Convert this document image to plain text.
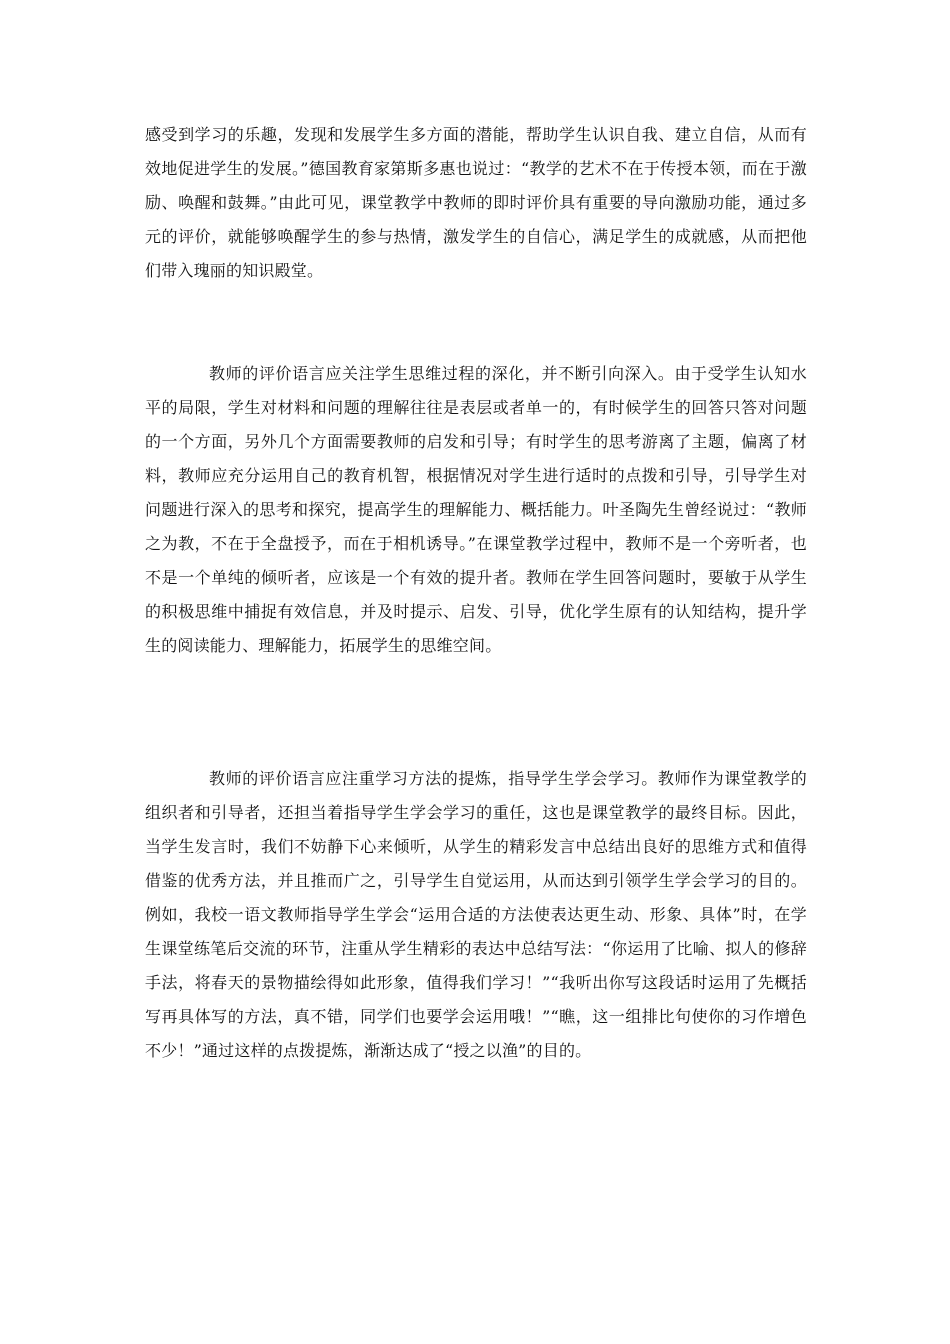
感受到学习的乐趣，发现和发展学生多方面的潜能，帮助学生认识自我、建立自信，从而有效地促进学生的发展。”德国教育家第斯多惠也说过：“教学的艺术不在于传授本领，而在于激励、唤醒和鼓舞。”由此可见，课堂教学中教师的即时评价具有重要的导向激励功能，通过多元的评价，就能够唤醒学生的参与热情，激发学生的自信心，满足学生的成就感，从而把他们带入瑰丽的知识殿堂。

教师的评价语言应关注学生思维过程的深化，并不断引向深入。由于受学生认知水平的局限，学生对材料和问题的理解往往是表层或者单一的，有时候学生的回答只答对问题的一个方面，另外几个方面需要教师的启发和引导；有时学生的思考游离了主题，偏离了材料，教师应充分运用自己的教育机智，根据情况对学生进行适时的点拨和引导，引导学生对问题进行深入的思考和探究，提高学生的理解能力、概括能力。叶圣陶先生曾经说过：“教师之为教，不在于全盘授予，而在于相机诱导。”在课堂教学过程中，教师不是一个旁听者，也不是一个单纯的倾听者，应该是一个有效的提升者。教师在学生回答问题时，要敏于从学生的积极思维中捕捉有效信息，并及时提示、启发、引导，优化学生原有的认知结构，提升学生的阅读能力、理解能力，拓展学生的思维空间。

教师的评价语言应注重学习方法的提炼，指导学生学会学习。教师作为课堂教学的组织者和引导者，还担当着指导学生学会学习的重任，这也是课堂教学的最终目标。因此，当学生发言时，我们不妨静下心来倾听，从学生的精彩发言中总结出良好的思维方式和值得借鉴的优秀方法，并且推而广之，引导学生自觉运用，从而达到引领学生学会学习的目的。例如，我校一语文教师指导学生学会“运用合适的方法使表达更生动、形象、具体”时，在学生课堂练笔后交流的环节，注重从学生精彩的表达中总结写法：“你运用了比喻、拟人的修辞手法，将春天的景物描绘得如此形象，值得我们学习！”“我听出你写这段话时运用了先概括写再具体写的方法，真不错，同学们也要学会运用哦！”“瞧，这一组排比句使你的习作增色不少！”通过这样的点拨提炼，渐渐达成了“授之以渔”的目的。
